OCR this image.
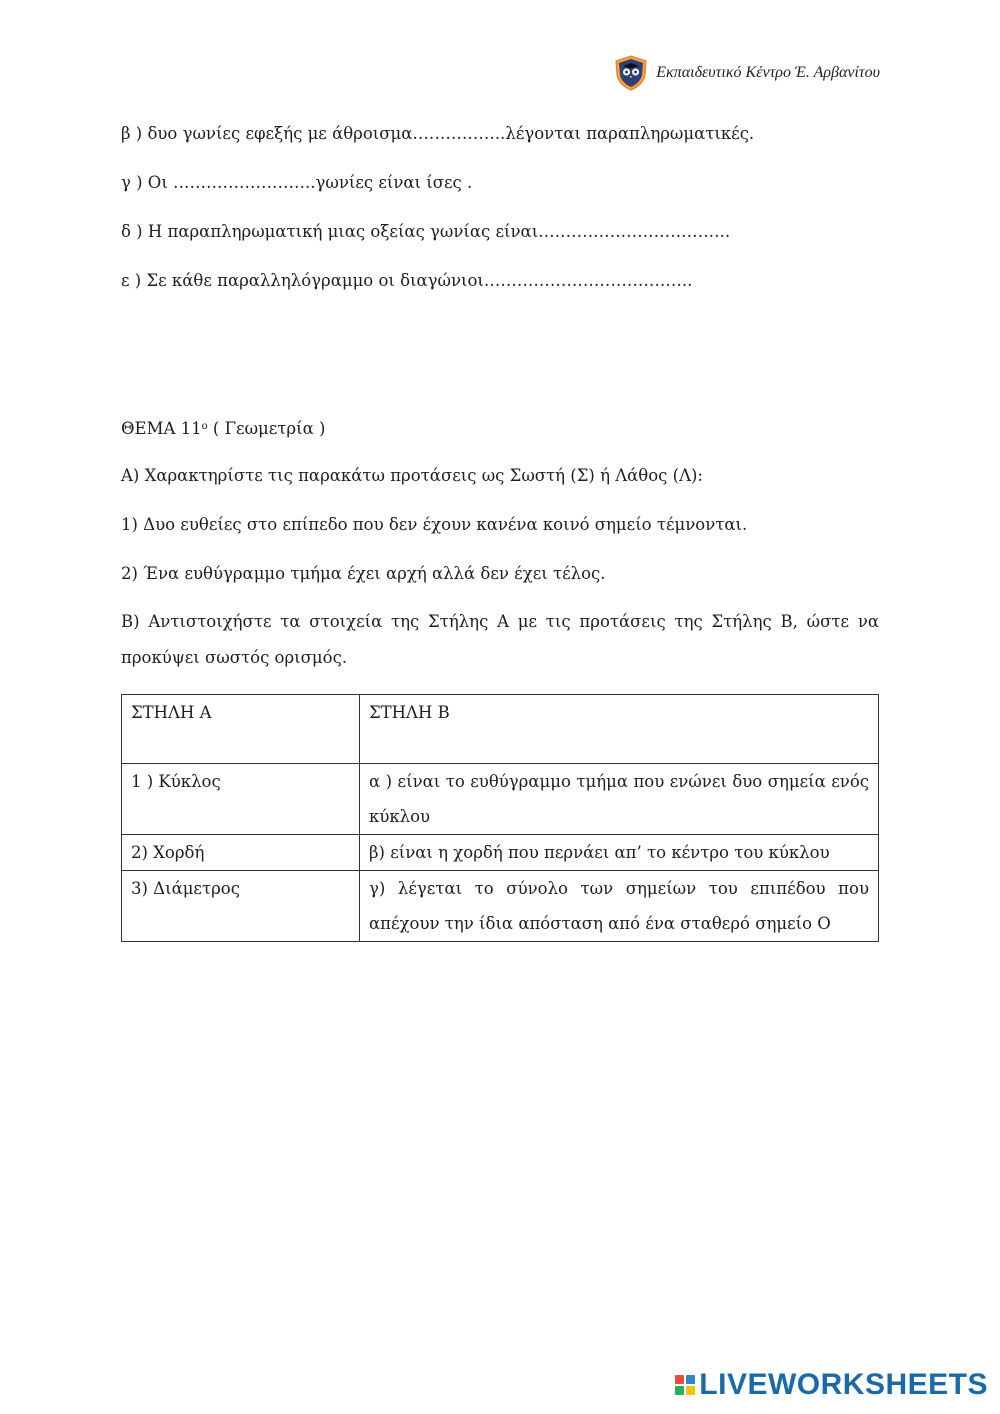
Εκπαιδευτικό Κέντρο Έ. Αρβανίτου
β ) δυο γωνίες εφεξής με άθροισμα……………..λέγονται παραπληρωματικές.
γ ) Οι ……………………..γωνίες είναι ίσες .
δ ) Η παραπληρωματική μιας οξείας γωνίας είναι……………………………..
ε ) Σε κάθε παραλληλόγραμμο οι διαγώνιοι………………………………..
ΘΕΜΑ $11^o$ ( Γεωμετρία )
Α) Χαρακτηρίστε τις παρακάτω προτάσεις ως Σωστή (Σ) ή Λάθος (Λ):
1) Δυο ευθείες στο επίπεδο που δεν έχουν κανένα κοινό σημείο τέμνονται.
2) Ένα ευθύγραμμο τμήμα έχει αρχή αλλά δεν έχει τέλος.
Β) Αντιστοιχήστε τα στοιχεία της Στήλης Α με τις προτάσεις της Στήλης Β, ώστε να προκύψει σωστός ορισμός.
ΣΤΗΛΗ Α	ΣΤΗΛΗ Β
1 ) Κύκλος	α ) είναι το ευθύγραμμο τμήμα που ενώνει δυο σημεία ενός κύκλου
2) Χορδή	β) είναι η χορδή που περνάει απ’ το κέντρο του κύκλου
3) Διάμετρος	γ) λέγεται το σύνολο των σημείων του επιπέδου που απέχουν την ίδια απόσταση από ένα σταθερό σημείο Ο
LIVEWORKSHEETS
